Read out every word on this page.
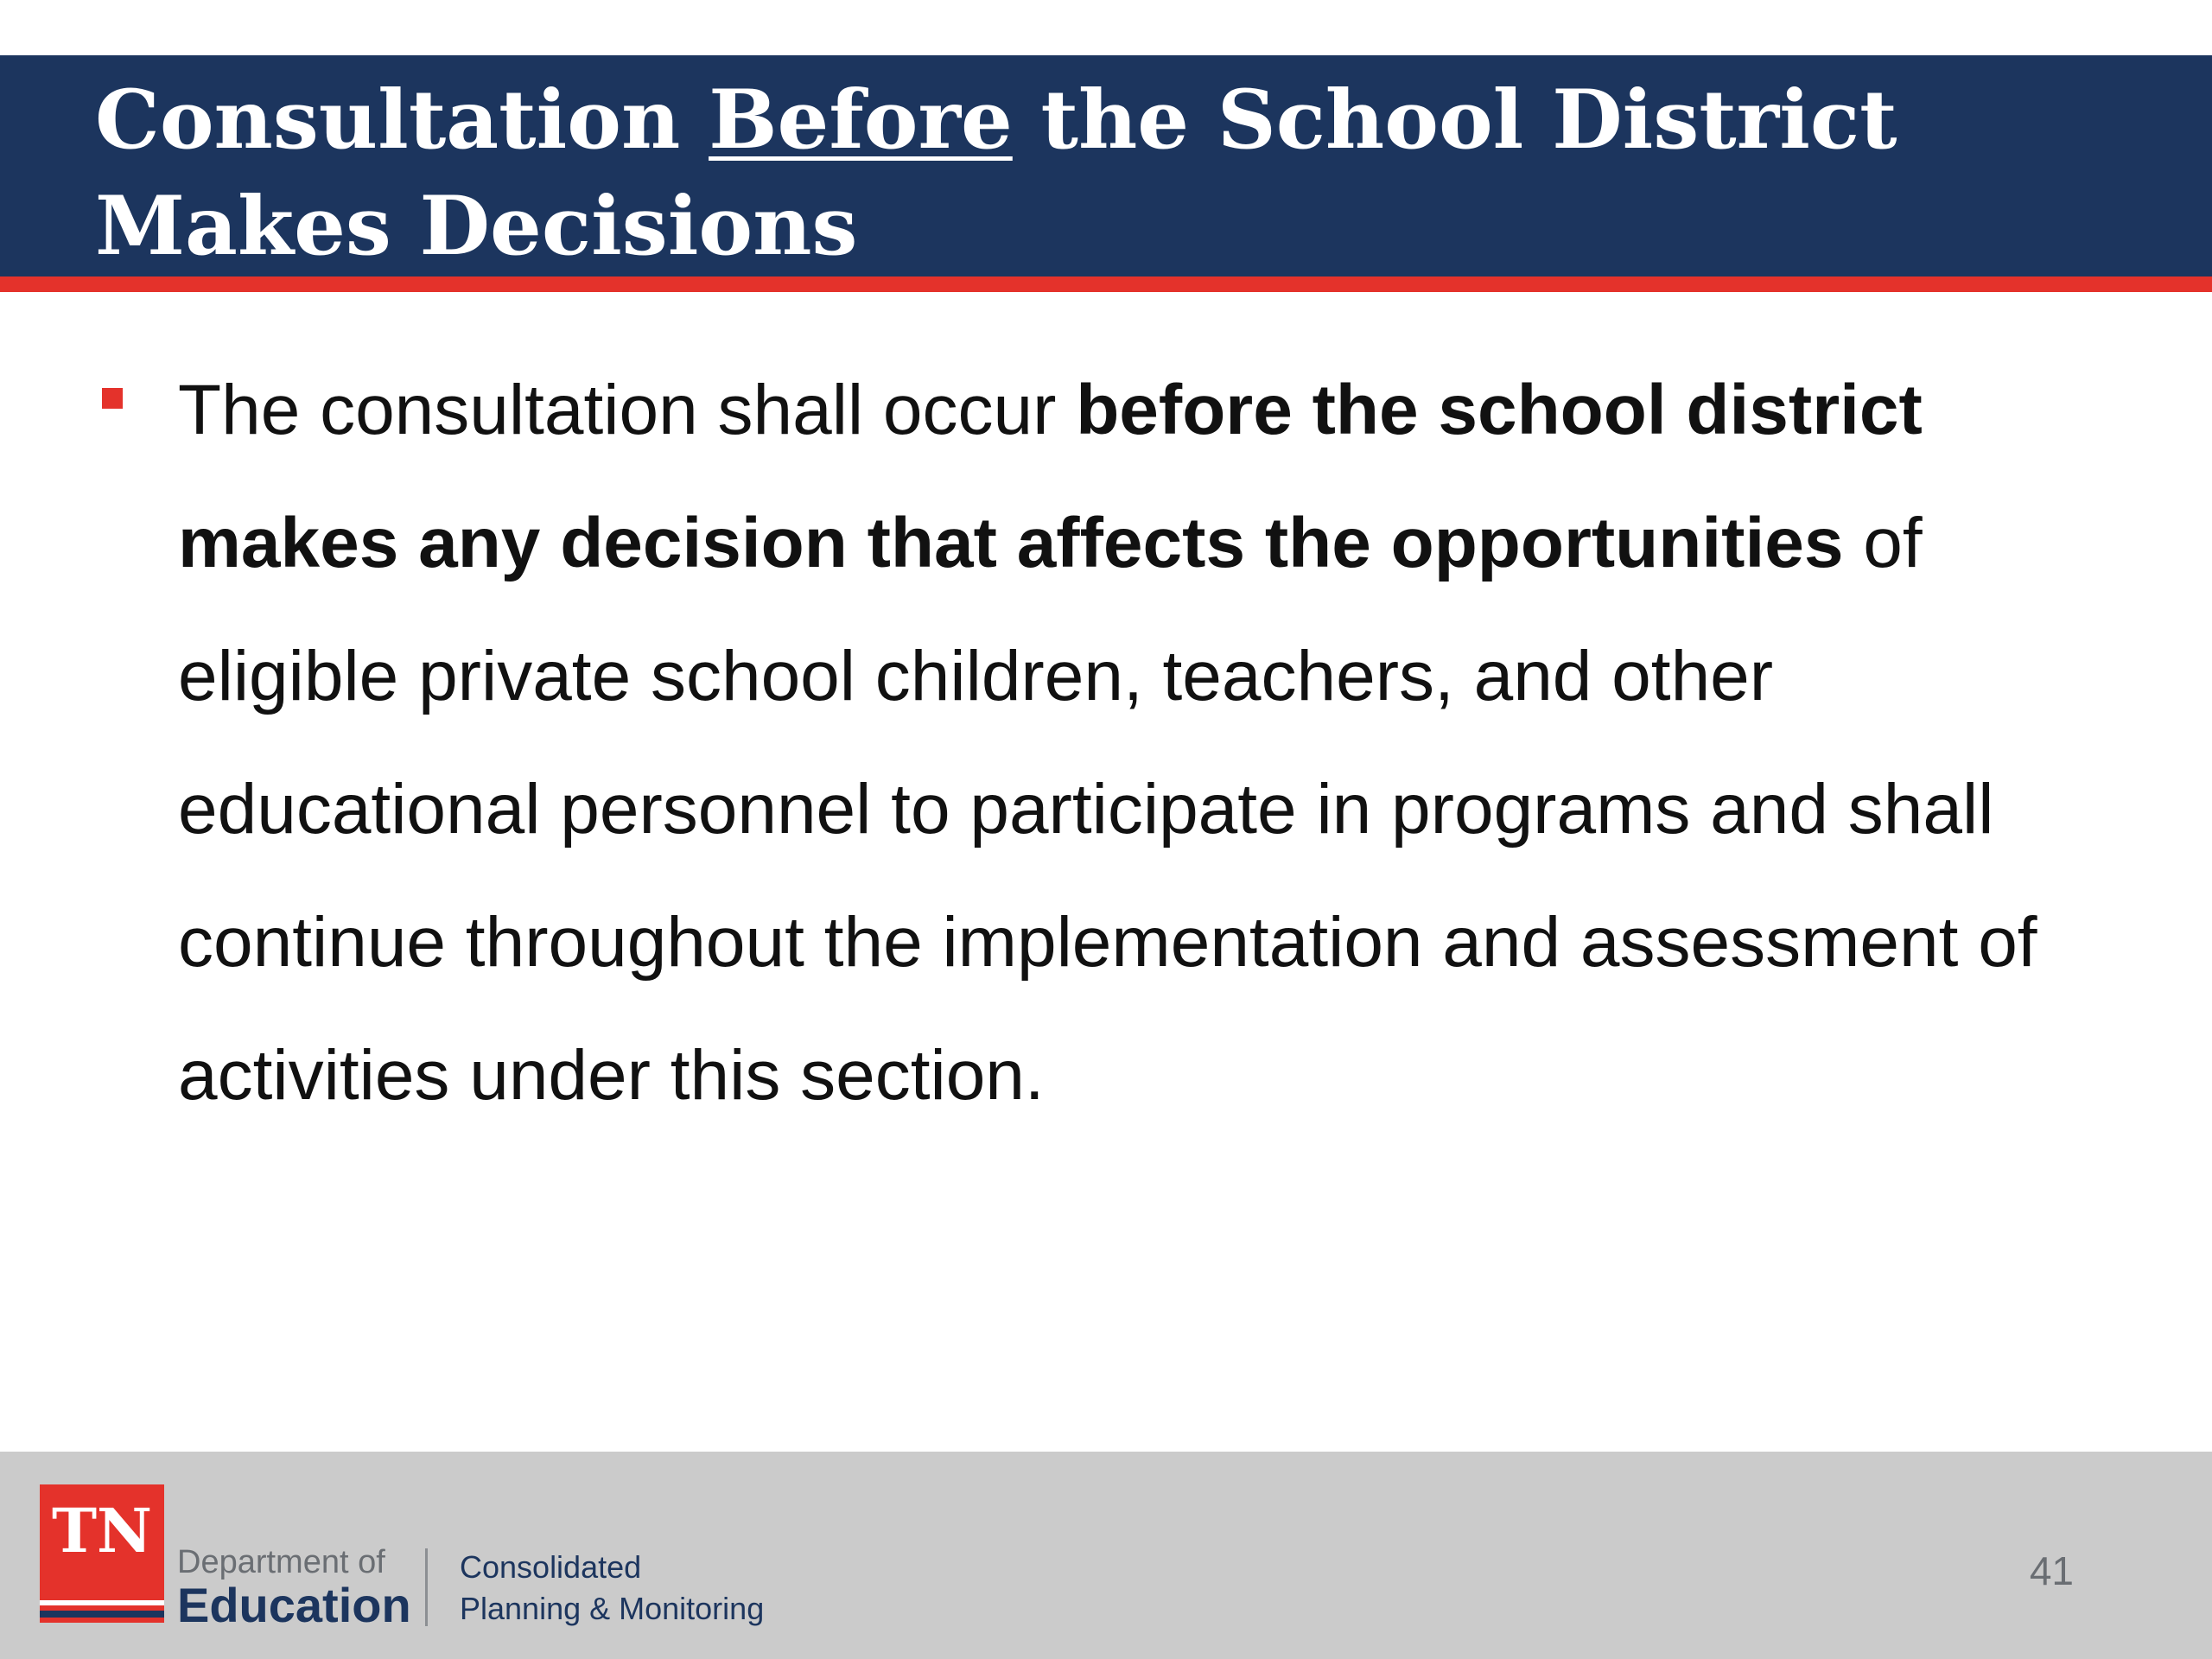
Consultation Before the School District Makes Decisions

The consultation shall occur before the school district makes any decision that affects the opportunities of eligible private school children, teachers, and other educational personnel to participate in programs and shall continue throughout the implementation and assessment of activities under this section.

TN Department of
Education
Consolidated
Planning & Monitoring
41
